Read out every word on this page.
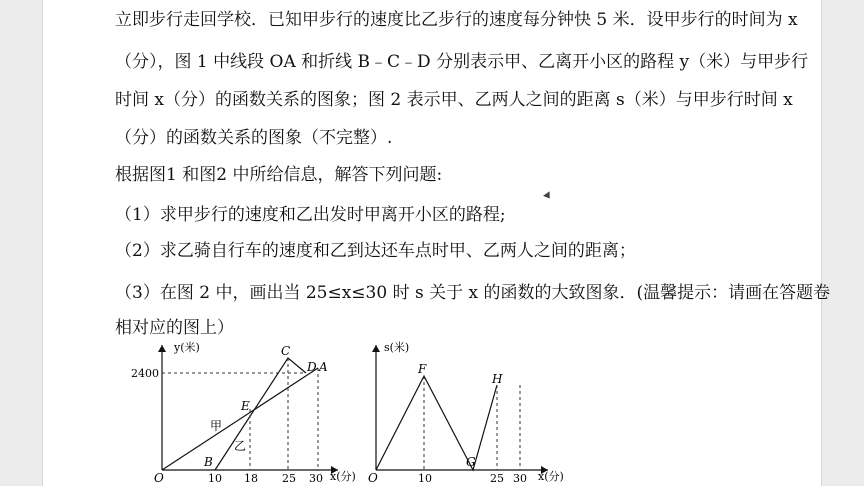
立即步行走回学校．已知甲步行的速度比乙步行的速度每分钟快 5 米．设甲步行的时间为 x
（分），图 1 中线段 OA 和折线 B﹣C﹣D 分别表示甲、乙离开小区的路程 y（米）与甲步行
时间 x（分）的函数关系的图象；图 2 表示甲、乙两人之间的距离 s（米）与甲步行时间 x
（分）的函数关系的图象（不完整）.
根据图1 和图2 中所给信息，解答下列问题:
（1）求甲步行的速度和乙出发时甲离开小区的路程;
（2）求乙骑自行车的速度和乙到达还车点时甲、乙两人之间的距离；
（3）在图 2 中，画出当 25≤x≤30 时 s 关于 x 的函数的大致图象．(温馨提示：请画在答题卷
相对应的图上）
y(米)
x(分)
O
2400
10 18 25 30
C
D A
E
B
甲
乙
s(米)
x(分)
O	10	25 30
F
G
H
